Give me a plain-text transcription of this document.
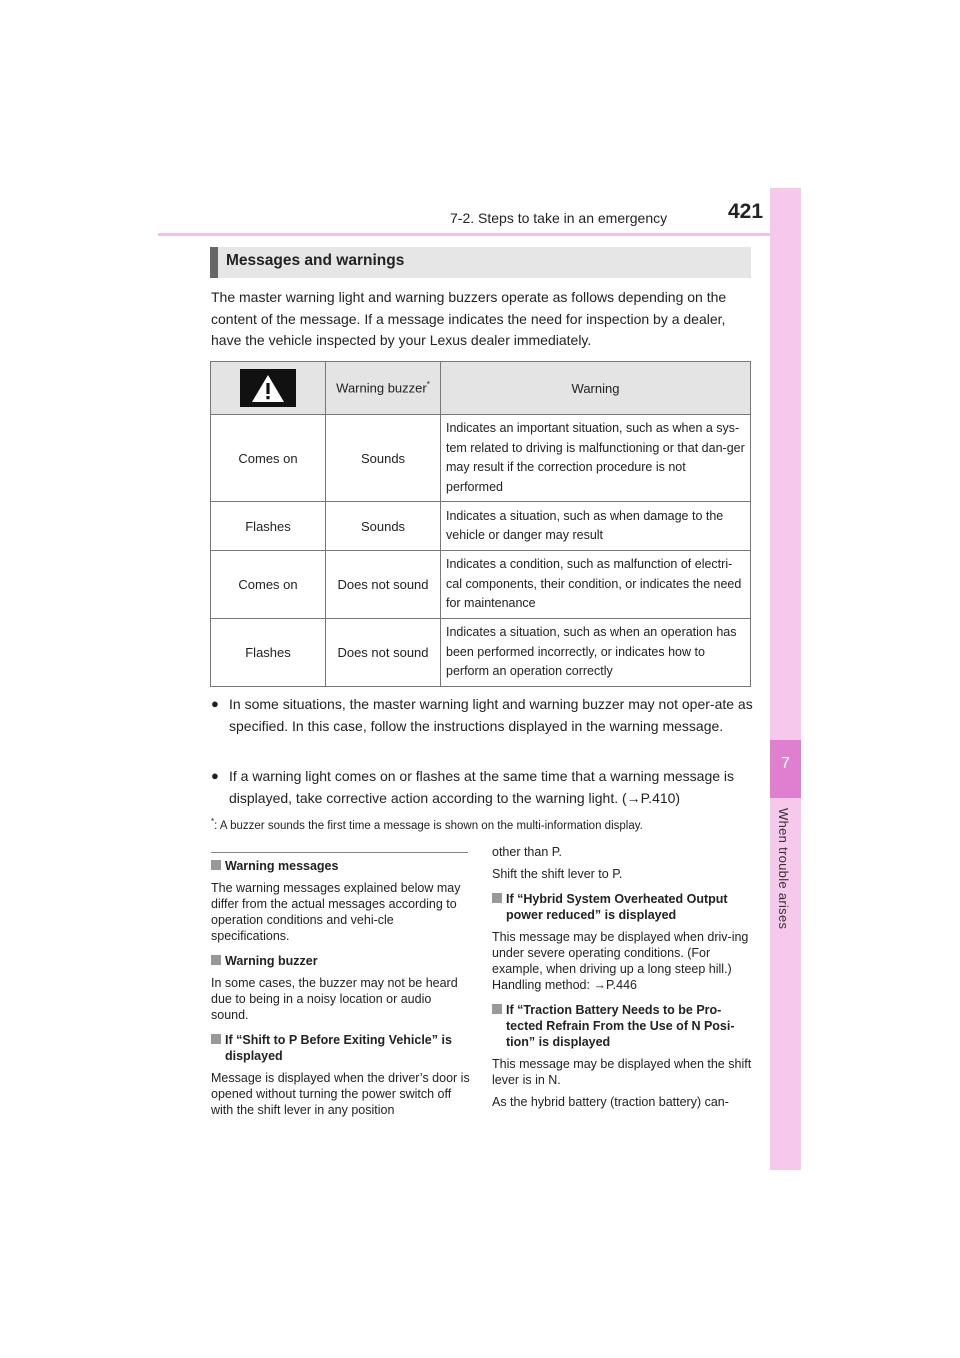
7-2. Steps to take in an emergency	421
7
When trouble arises
Messages and warnings
The master warning light and warning buzzers operate as follows depending on the content of the message. If a message indicates the need for inspection by a dealer, have the vehicle inspected by your Lexus dealer immediately.
	Warning buzzer*	Warning
Comes on	Sounds	Indicates an important situation, such as when a sys-tem related to driving is malfunctioning or that dan-ger may result if the correction procedure is not performed
Flashes	Sounds	Indicates a situation, such as when damage to the vehicle or danger may result
Comes on	Does not sound	Indicates a condition, such as malfunction of electri-cal components, their condition, or indicates the need for maintenance
Flashes	Does not sound	Indicates a situation, such as when an operation has been performed incorrectly, or indicates how to perform an operation correctly
● In some situations, the master warning light and warning buzzer may not oper-ate as specified. In this case, follow the instructions displayed in the warning message.
● If a warning light comes on or flashes at the same time that a warning message is displayed, take corrective action according to the warning light. (→P.410)
*: A buzzer sounds the first time a message is shown on the multi-information display.
Warning messages
The warning messages explained below may differ from the actual messages according to operation conditions and vehi-cle specifications.
Warning buzzer
In some cases, the buzzer may not be heard due to being in a noisy location or audio sound.
If “Shift to P Before Exiting Vehicle” is displayed
Message is displayed when the driver’s door is opened without turning the power switch off with the shift lever in any position
other than P.
Shift the shift lever to P.
If “Hybrid System Overheated Output power reduced” is displayed
This message may be displayed when driv-ing under severe operating conditions. (For example, when driving up a long steep hill.) Handling method: →P.446
If “Traction Battery Needs to be Pro-tected Refrain From the Use of N Posi-tion” is displayed
This message may be displayed when the shift lever is in N.
As the hybrid battery (traction battery) can-
